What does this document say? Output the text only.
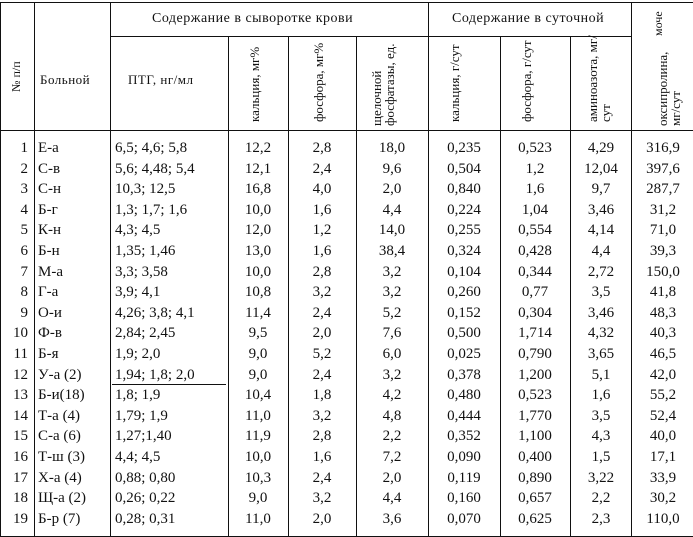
№ п/п Больной
Содержание в сыворотке крови	Содержание в суточной	моче
ПТГ, нг/мл	кальция, мг%	фосфора, мг%	щелочной фосфатазы, ед.	кальция, г/сут	фосфора, г/сут	аминоазота, мг/сут	оксипролина, мг/сут
1 Е-а	6,5; 4,6; 5,8	12,2	2,8	18,0	0,235	0,523	4,29	316,9
2 С-в	5,6; 4,48; 5,4	12,1	2,4	9,6	0,504	1,2	12,04	397,6
3 С-н	10,3; 12,5	16,8	4,0	2,0	0,840	1,6	9,7	287,7
4 Б-г	1,3; 1,7; 1,6	10,0	1,6	4,4	0,224	1,04	3,46	31,2
5 К-н	4,3; 4,5	12,0	1,2	14,0	0,255	0,554	4,14	71,0
6 Б-н	1,35; 1,46	13,0	1,6	38,4	0,324	0,428	4,4	39,3
7 М-а	3,3; 3,58	10,0	2,8	3,2	0,104	0,344	2,72	150,0
8 Г-а	3,9; 4,1	10,8	3,2	3,2	0,260	0,77	3,5	41,8
9 О-и	4,26; 3,8; 4,1	11,4	2,4	5,2	0,152	0,304	3,46	48,3
10 Ф-в	2,84; 2,45	9,5	2,0	7,6	0,500	1,714	4,32	40,3
11 Б-я	1,9; 2,0	9,0	5,2	6,0	0,025	0,790	3,65	46,5
12 У-а (2)	1,94; 1,8; 2,0	9,0	2,4	3,2	0,378	1,200	5,1	42,0
13 Б-и(18)	1,8; 1,9	10,4	1,8	4,2	0,480	0,523	1,6	55,2
14 Т-а (4)	1,79; 1,9	11,0	3,2	4,8	0,444	1,770	3,5	52,4
15 С-а (6)	1,27;1,40	11,9	2,8	2,2	0,352	1,100	4,3	40,0
16 Т-ш (3)	4,4; 4,5	10,0	1,6	7,2	0,090	0,400	1,5	17,1
17 Х-а (4)	0,88; 0,80	10,3	2,4	2,0	0,119	0,890	3,22	33,9
18 Щ-а (2)	0,26; 0,22	9,0	3,2	4,4	0,160	0,657	2,2	30,2
19 Б-р (7)	0,28; 0,31	11,0	2,0	3,6	0,070	0,625	2,3	110,0
